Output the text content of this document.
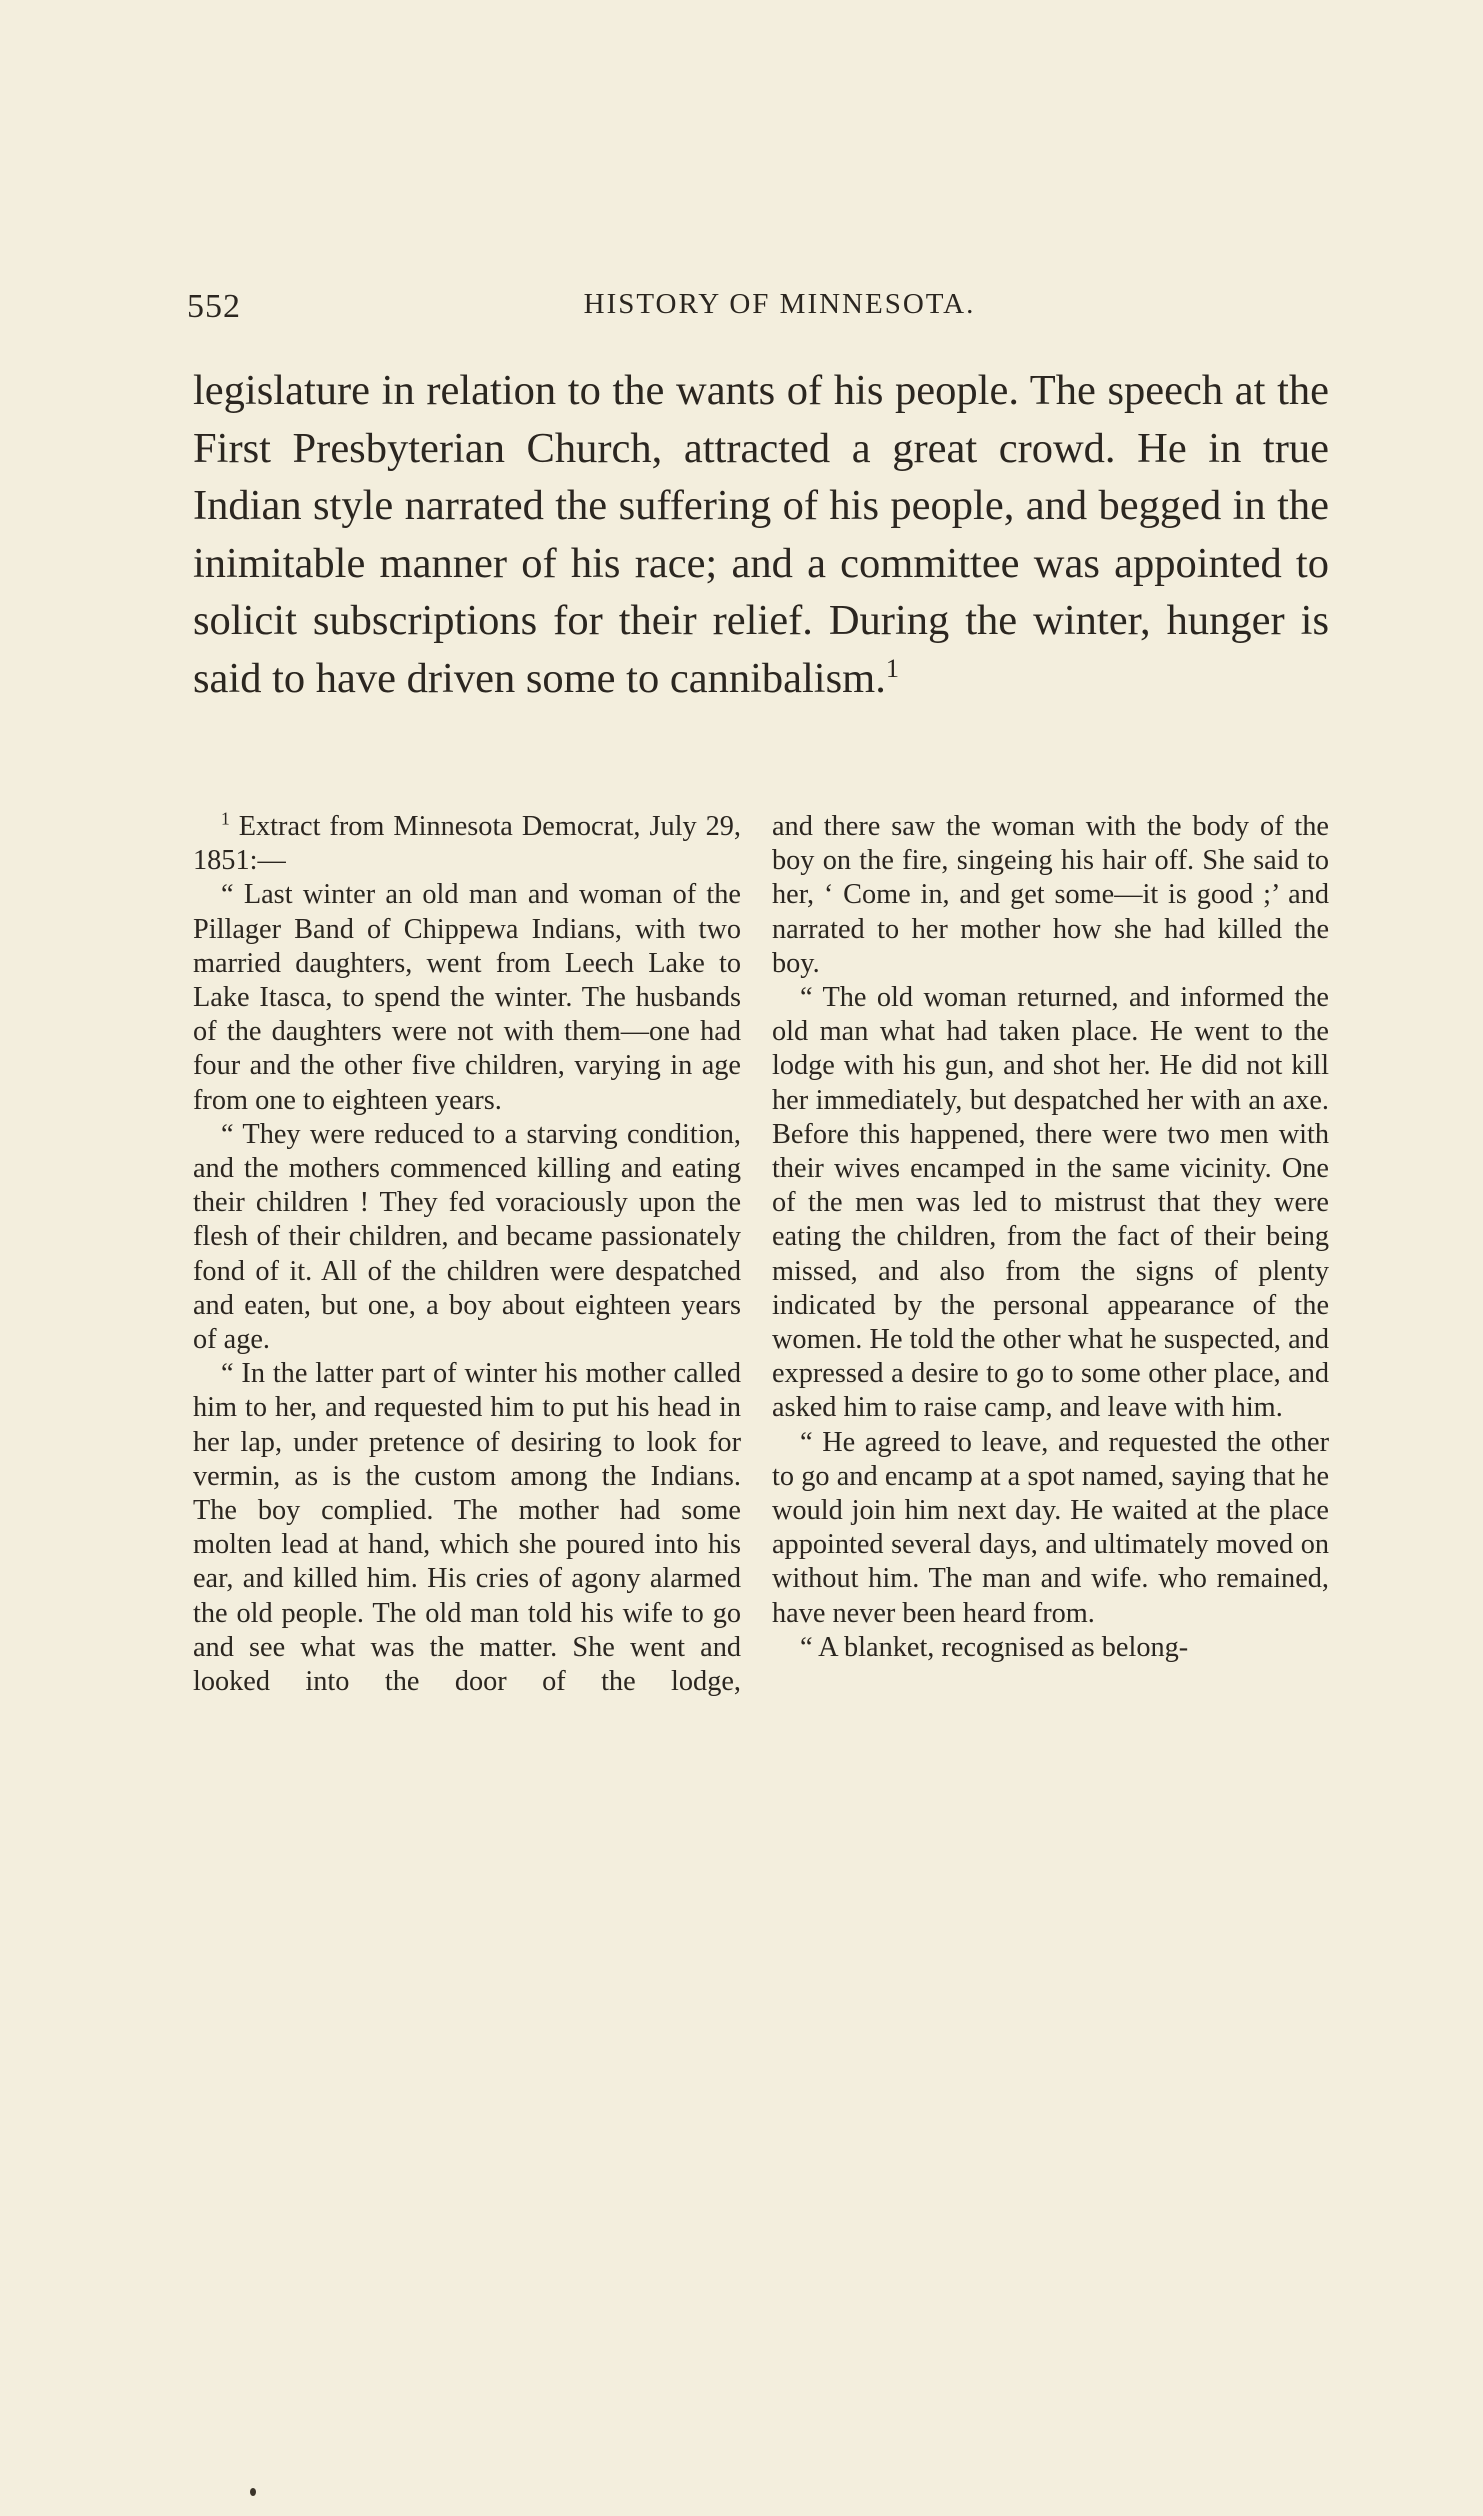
552	HISTORY OF MINNESOTA.

legislature in relation to the wants of his people. The speech at the First Presbyterian Church, attracted a great crowd. He in true Indian style narrated the suffering of his people, and begged in the inimitable manner of his race; and a committee was appointed to solicit subscriptions for their relief. During the winter, hunger is said to have driven some to cannibalism.$^1$

$^1$ Extract from Minnesota Democrat, July 29, 1851:—

“ Last winter an old man and woman of the Pillager Band of Chippewa Indians, with two married daughters, went from Leech Lake to Lake Itasca, to spend the winter. The husbands of the daughters were not with them—one had four and the other five children, varying in age from one to eighteen years.

“ They were reduced to a starving condition, and the mothers commenced killing and eating their children ! They fed voraciously upon the flesh of their children, and became passionately fond of it. All of the children were despatched and eaten, but one, a boy about eighteen years of age.

“ In the latter part of winter his mother called him to her, and requested him to put his head in her lap, under pretence of desiring to look for vermin, as is the custom among the Indians. The boy complied. The mother had some molten lead at hand, which she poured into his ear, and killed him. His cries of agony alarmed the old people. The old man told his wife to go and see what was the matter. She went and looked into the door of the lodge,

and there saw the woman with the body of the boy on the fire, singeing his hair off. She said to her, ‘ Come in, and get some—it is good ;’ and narrated to her mother how she had killed the boy.

“ The old woman returned, and informed the old man what had taken place. He went to the lodge with his gun, and shot her. He did not kill her immediately, but despatched her with an axe. Before this happened, there were two men with their wives encamped in the same vicinity. One of the men was led to mistrust that they were eating the children, from the fact of their being missed, and also from the signs of plenty indicated by the personal appearance of the women. He told the other what he suspected, and expressed a desire to go to some other place, and asked him to raise camp, and leave with him.

“ He agreed to leave, and requested the other to go and encamp at a spot named, saying that he would join him next day. He waited at the place appointed several days, and ultimately moved on without him. The man and wife. who remained, have never been heard from.

“ A blanket, recognised as belong-
